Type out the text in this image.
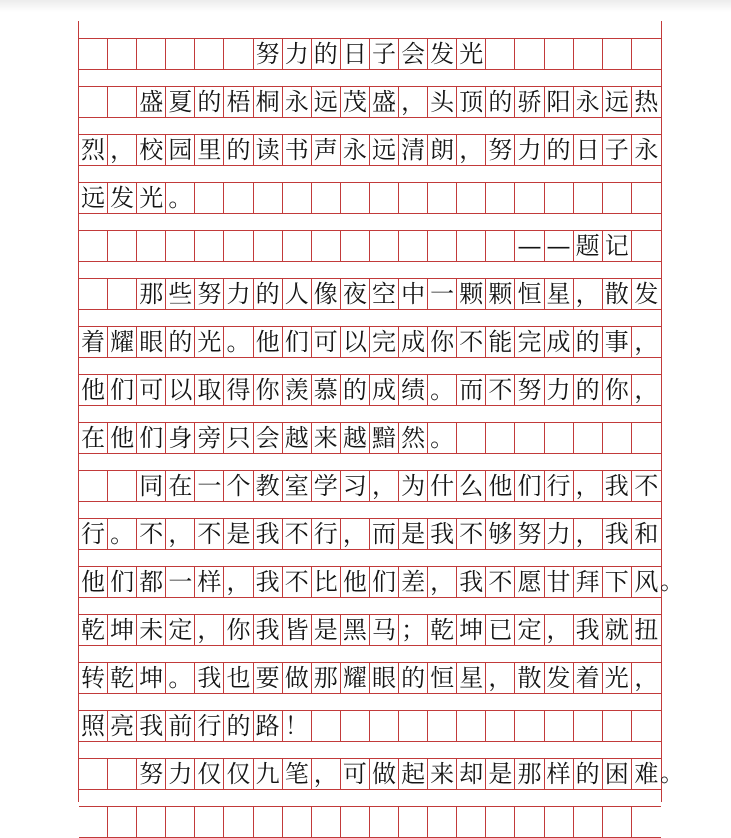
努 力 的 日 子 会 发 光
盛 夏 的 梧 桐 永 远 茂 盛 ， 头 顶 的 骄 阳 永 远 热
烈 ， 校 园 里 的 读 书 声 永 远 清 朗 ， 努 力 的 日 子 永
远 发 光 。
— — 题 记
那 些 努 力 的 人 像 夜 空 中 一 颗 颗 恒 星 ， 散 发
着 耀 眼 的 光 。 他 们 可 以 完 成 你 不 能 完 成 的 事 ，
他 们 可 以 取 得 你 羡 慕 的 成 绩 。 而 不 努 力 的 你 ，
在 他 们 身 旁 只 会 越 来 越 黯 然 。
同 在 一 个 教 室 学 习 ， 为 什 么 他 们 行 ， 我 不
行 。 不 ， 不 是 我 不 行 ， 而 是 我 不 够 努 力 ， 我 和
他 们 都 一 样 ， 我 不 比 他 们 差 ， 我 不 愿 甘 拜 下 风
乾 坤 未 定 ， 你 我 皆 是 黑 马 ； 乾 坤 已 定 ， 我 就 扭
转 乾 坤 。 我 也 要 做 那 耀 眼 的 恒 星 ， 散 发 着 光 ，
照 亮 我 前 行 的 路 ！
努 力 仅 仅 九 笔 ， 可 做 起 来 却 是 那 样 的 困 难
。
。
